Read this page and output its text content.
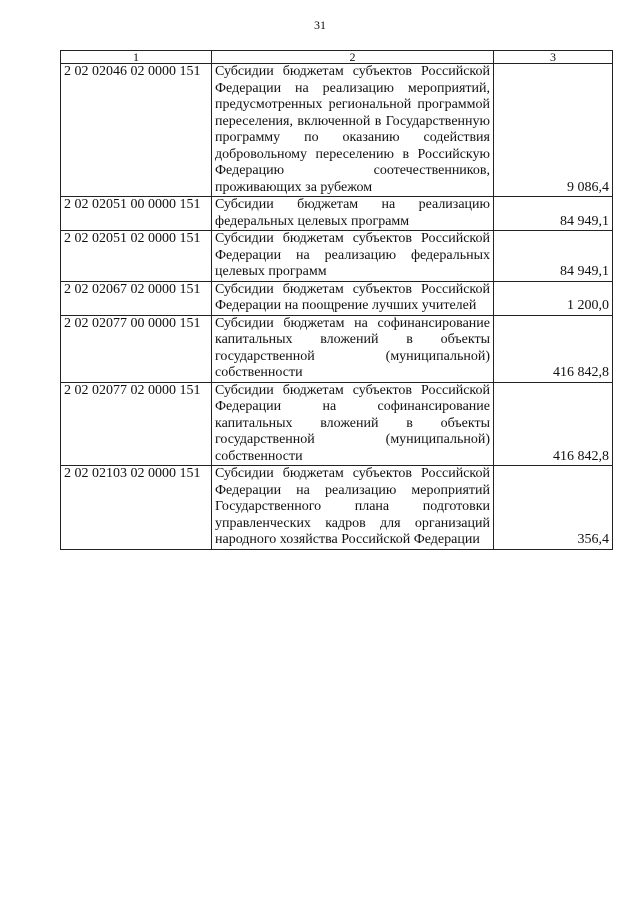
31
1	2	3
2 02 02046 02 0000 151	Субсидии бюджетам субъектов Российской Федерации на реализацию мероприятий, предусмотренных региональной программой переселения, включенной в Государственную программу по оказанию содействия добровольному переселению в Российскую Федерацию соотечественников, проживающих за рубежом	9 086,4
2 02 02051 00 0000 151	Субсидии бюджетам на реализацию федеральных целевых программ	84 949,1
2 02 02051 02 0000 151	Субсидии бюджетам субъектов Российской Федерации на реализацию федеральных целевых программ	84 949,1
2 02 02067 02 0000 151	Субсидии бюджетам субъектов Российской Федерации на поощрение лучших учителей	1 200,0
2 02 02077 00 0000 151	Субсидии бюджетам на софинансирование капитальных вложений в объекты государственной (муниципальной) собственности	416 842,8
2 02 02077 02 0000 151	Субсидии бюджетам субъектов Российской Федерации на софинансирование капитальных вложений в объекты государственной (муниципальной) собственности	416 842,8
2 02 02103 02 0000 151	Субсидии бюджетам субъектов Российской Федерации на реализацию мероприятий Государственного плана подготовки управленческих кадров для организаций народного хозяйства Российской Федерации	356,4
